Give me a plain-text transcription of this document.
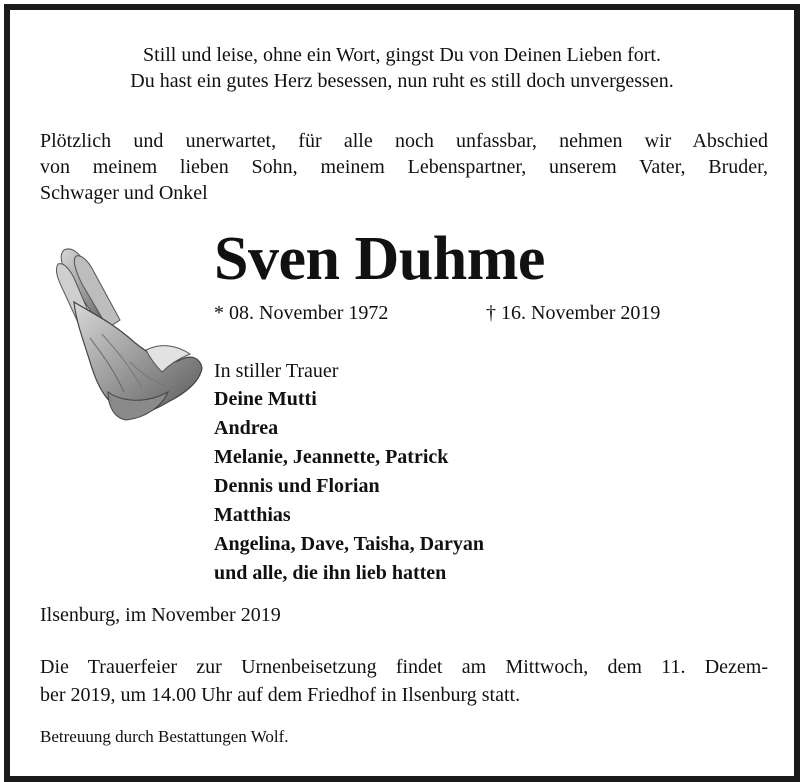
Still und leise, ohne ein Wort, gingst Du von Deinen Lieben fort.

Du hast ein gutes Herz besessen, nun ruht es still doch unvergessen.

Plötzlich und unerwartet, für alle noch unfassbar, nehmen wir Abschied
von meinem lieben Sohn, meinem Lebenspartner, unserem Vater, Bruder,
Schwager und Onkel
Sven Duhme

* 08. November 1972	† 16. November 2019

In stiller Trauer

Deine Mutti
Andrea
Melanie, Jeannette, Patrick
Dennis und Florian
Matthias
Angelina, Dave, Taisha, Daryan
und alle, die ihn lieb hatten

Ilsenburg, im November 2019

Die Trauerfeier zur Urnenbeisetzung findet am Mittwoch, dem 11. Dezem-
ber 2019, um 14.00 Uhr auf dem Friedhof in Ilsenburg statt.

Betreuung durch Bestattungen Wolf.
